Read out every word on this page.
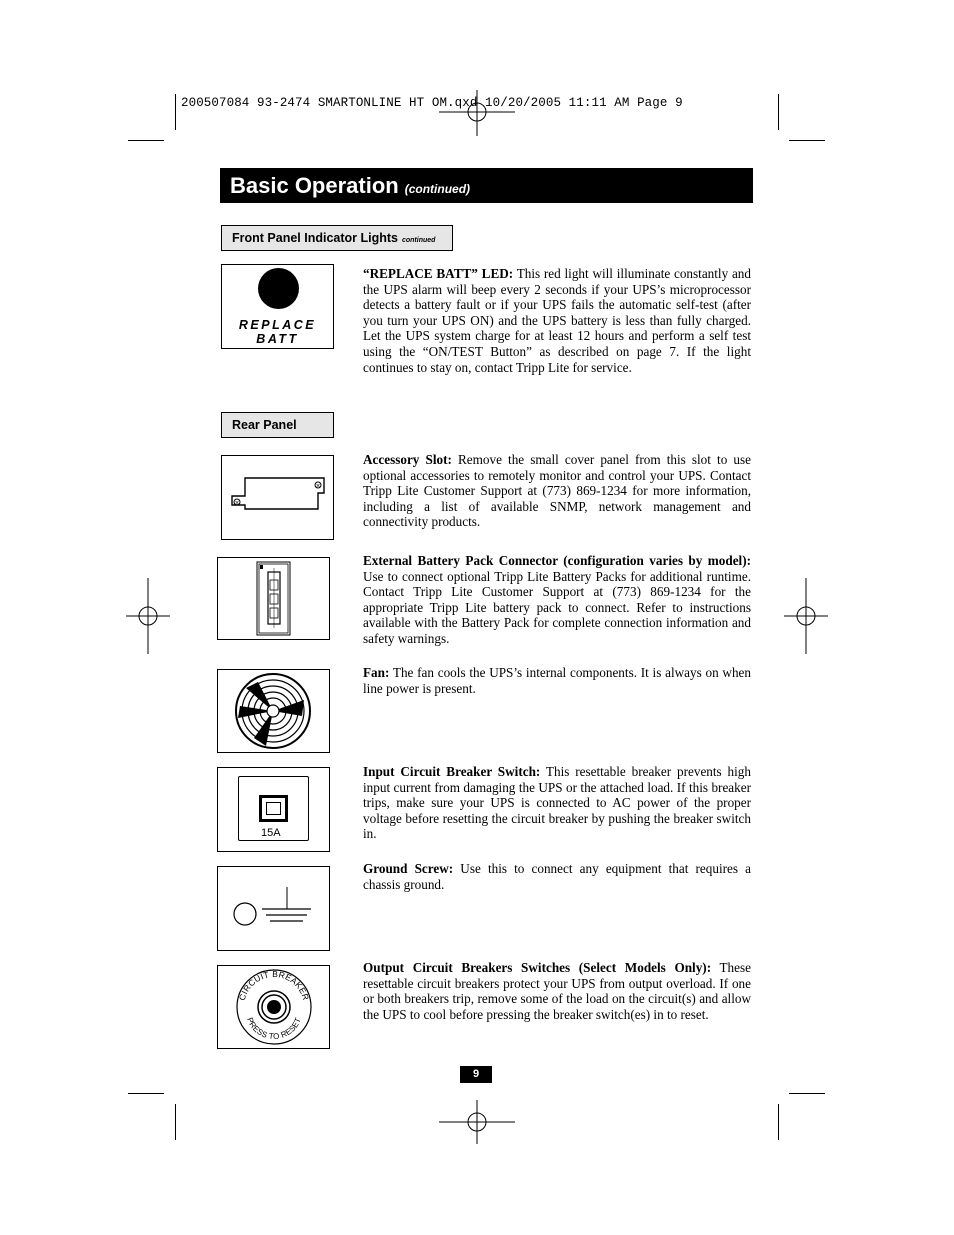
200507084 93-2474 SMARTONLINE HT OM.qxd 10/20/2005 11:11 AM Page 9
Basic Operation (continued)
Front Panel Indicator Lights continued
REPLACE
BATT
“REPLACE BATT” LED: This red light will illuminate constantly and the UPS alarm will beep every 2 seconds if your UPS’s microprocessor detects a battery fault or if your UPS fails the automatic self-test (after you turn your UPS ON) and the UPS battery is less than fully charged. Let the UPS system charge for at least 12 hours and perform a self test using the “ON/TEST Button” as described on page 7. If the light continues to stay on, contact Tripp Lite for service.
Rear Panel
×
×
Accessory Slot: Remove the small cover panel from this slot to use optional accessories to remotely monitor and control your UPS. Contact Tripp Lite Customer Support at (773) 869-1234 for more information, including a list of available SNMP, network management and connectivity products.
External Battery Pack Connector (configuration varies by model): Use to connect optional Tripp Lite Battery Packs for additional runtime. Contact Tripp Lite Customer Support at (773) 869-1234 for the appropriate Tripp Lite battery pack to connect. Refer to instructions available with the Battery Pack for complete connection information and safety warnings.
Fan: The fan cools the UPS’s internal components. It is always on when line power is present.
15A
Input Circuit Breaker Switch: This resettable breaker prevents high input current from damaging the UPS or the attached load. If this breaker trips, make sure your UPS is connected to AC power of the proper voltage before resetting the circuit breaker by pushing the breaker switch in.
Ground Screw: Use this to connect any equipment that requires a chassis ground.
CIRCUIT BREAKER
PRESS TO RESET
Output Circuit Breakers Switches (Select Models Only): These resettable circuit breakers protect your UPS from output overload. If one or both breakers trip, remove some of the load on the circuit(s) and allow the UPS to cool before pressing the breaker switch(es) in to reset.
9
